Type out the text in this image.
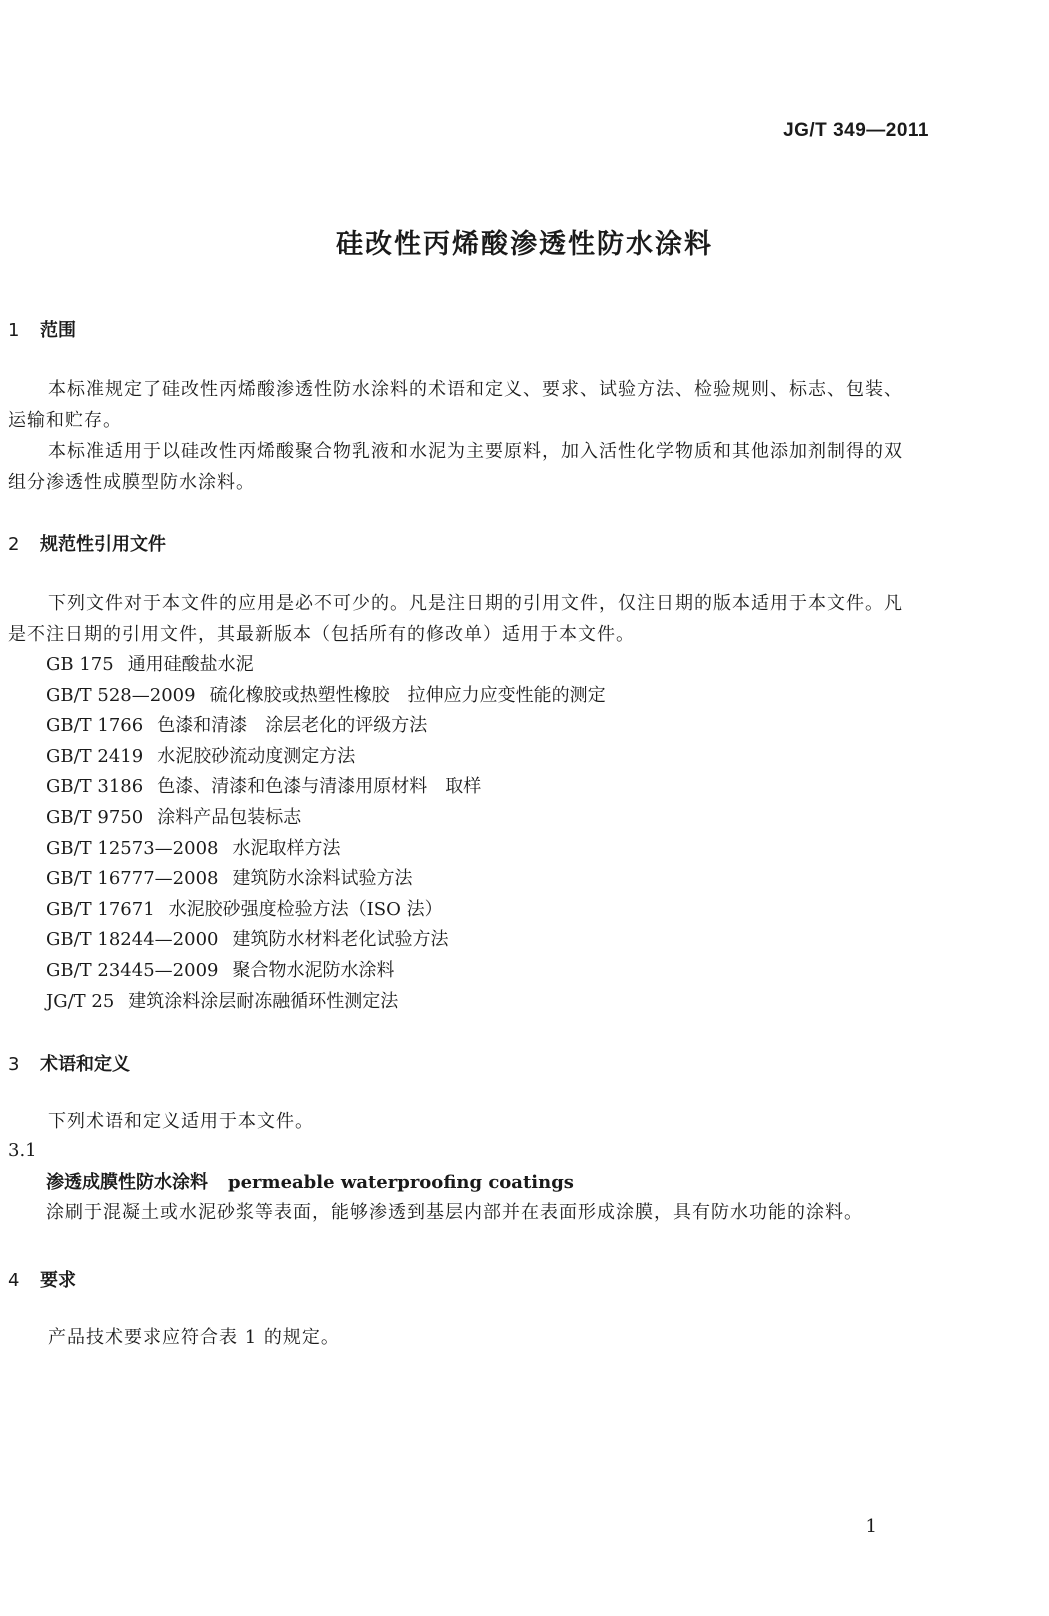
JG/T 349—2011
硅改性丙烯酸渗透性防水涂料
1 范围
本标准规定了硅改性丙烯酸渗透性防水涂料的术语和定义、要求、试验方法、检验规则、标志、包装、运输和贮存。
本标准适用于以硅改性丙烯酸聚合物乳液和水泥为主要原料，加入活性化学物质和其他添加剂制得的双组分渗透性成膜型防水涂料。
2 规范性引用文件
下列文件对于本文件的应用是必不可少的。凡是注日期的引用文件，仅注日期的版本适用于本文件。凡是不注日期的引用文件，其最新版本（包括所有的修改单）适用于本文件。
GB 175 通用硅酸盐水泥
GB/T 528—2009 硫化橡胶或热塑性橡胶　拉伸应力应变性能的测定
GB/T 1766 色漆和清漆　涂层老化的评级方法
GB/T 2419 水泥胶砂流动度测定方法
GB/T 3186 色漆、清漆和色漆与清漆用原材料　取样
GB/T 9750 涂料产品包装标志
GB/T 12573—2008 水泥取样方法
GB/T 16777—2008 建筑防水涂料试验方法
GB/T 17671 水泥胶砂强度检验方法（ISO 法）
GB/T 18244—2000 建筑防水材料老化试验方法
GB/T 23445—2009 聚合物水泥防水涂料
JG/T 25 建筑涂料涂层耐冻融循环性测定法
3 术语和定义
下列术语和定义适用于本文件。
3.1
渗透成膜性防水涂料 permeable waterproofing coatings
涂刷于混凝土或水泥砂浆等表面，能够渗透到基层内部并在表面形成涂膜，具有防水功能的涂料。
4 要求
产品技术要求应符合表 1 的规定。
1
